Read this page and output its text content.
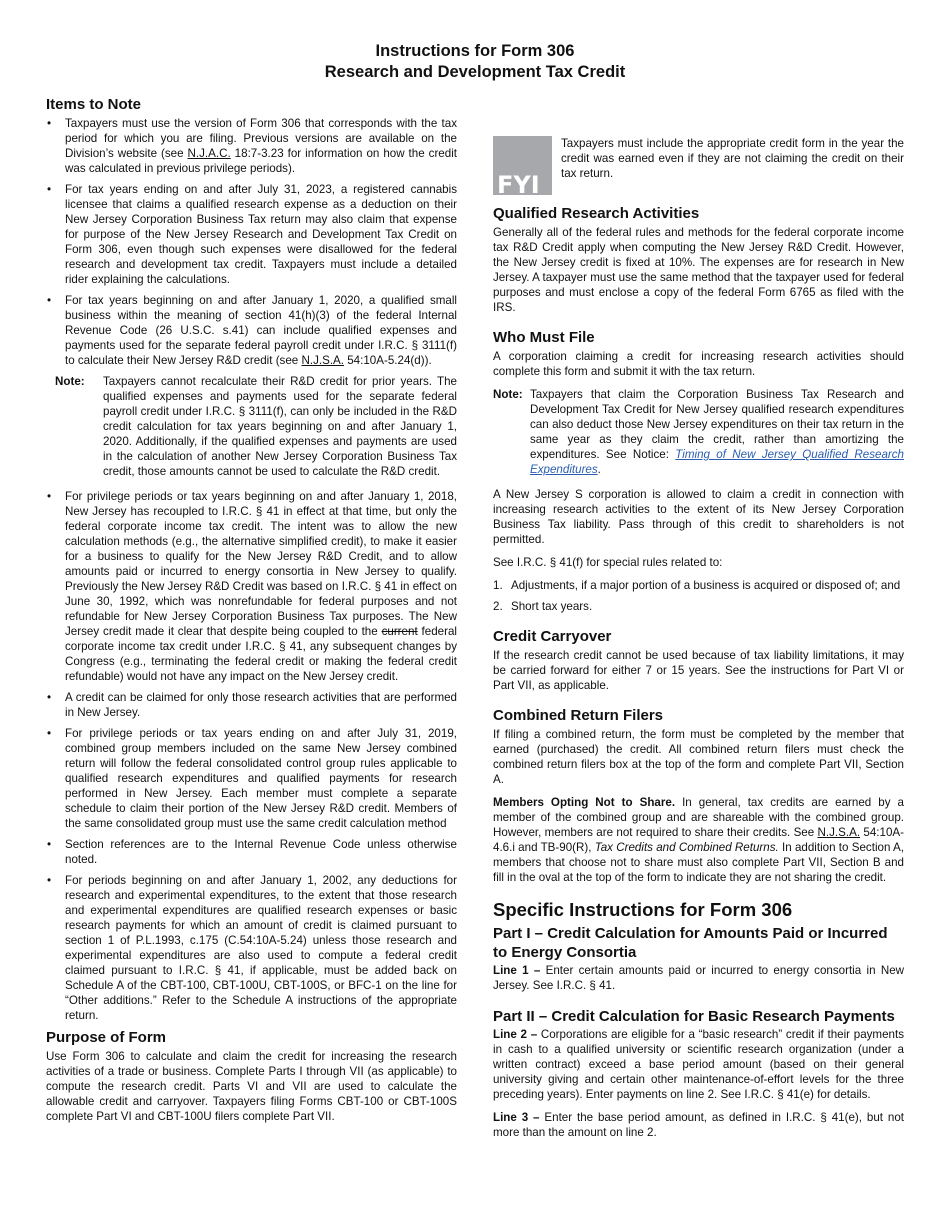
Instructions for Form 306
Research and Development Tax Credit
Items to Note
• Taxpayers must use the version of Form 306 that corresponds with the tax period for which you are filing. Previous versions are available on the Division’s website (see N.J.A.C. 18:7-3.23 for information on how the credit was calculated in previous privilege periods).
• For tax years ending on and after July 31, 2023, a registered cannabis licensee that claims a qualified research expense as a deduction on their New Jersey Corporation Business Tax return may also claim that expense for purpose of the New Jersey Research and Development Tax Credit on Form 306, even though such expenses were disallowed for the federal research and development tax credit. Taxpayers must include a detailed rider explaining the calculations.
• For tax years beginning on and after January 1, 2020, a qualified small business within the meaning of section 41(h)(3) of the federal Internal Revenue Code (26 U.S.C. s.41) can include qualified expenses and payments used for the separate federal payroll credit under I.R.C. § 3111(f) to calculate their New Jersey R&D credit (see N.J.S.A. 54:10A-5.24(d)).
Note:	Taxpayers cannot recalculate their R&D credit for prior years. The qualified expenses and payments used for the separate federal payroll credit under I.R.C. § 3111(f), can only be included in the R&D credit calculation for tax years beginning on and after January 1, 2020. Additionally, if the qualified expenses and payments are used in the calculation of another New Jersey Corporation Business Tax credit, those amounts cannot be used to calculate the R&D credit.
• For privilege periods or tax years beginning on and after January 1, 2018, New Jersey has recoupled to I.R.C. § 41 in effect at that time, but only the federal corporate income tax credit. The intent was to allow the new calculation methods (e.g., the alternative simplified credit), to make it easier for a business to qualify for the New Jersey R&D Credit, and to allow amounts paid or incurred to energy consortia in New Jersey to qualify. Previously the New Jersey R&D Credit was based on I.R.C. § 41 in effect on June 30, 1992, which was nonrefundable for federal purposes and not refundable for New Jersey Corporation Business Tax purposes. The New Jersey credit made it clear that despite being coupled to the current federal corporate income tax credit under I.R.C. § 41, any subsequent changes by Congress (e.g., terminating the federal credit or making the federal credit refundable) would not have any impact on the New Jersey credit.
• A credit can be claimed for only those research activities that are performed in New Jersey.
• For privilege periods or tax years ending on and after July 31, 2019, combined group members included on the same New Jersey combined return will follow the federal consolidated control group rules applicable to qualified research expenditures and qualified payments for research performed in New Jersey. Each member must complete a separate schedule to claim their portion of the New Jersey R&D credit. Members of the same consolidated group must use the same credit calculation method
• Section references are to the Internal Revenue Code unless otherwise noted.
• For periods beginning on and after January 1, 2002, any deductions for research and experimental expenditures, to the extent that those research and experimental expenditures are qualified research expenses or basic research payments for which an amount of credit is claimed pursuant to section 1 of P.L.1993, c.175 (C.54:10A-5.24) unless those research and experimental expenditures are also used to compute a federal credit claimed pursuant to I.R.C. § 41, if applicable, must be added back on Schedule A of the CBT-100, CBT-100U, CBT-100S, or BFC-1 on the line for “Other additions.” Refer to the Schedule A instructions of the appropriate return.
Purpose of Form

Use Form 306 to calculate and claim the credit for increasing the research activities of a trade or business. Complete Parts I through VII (as applicable) to compute the research credit. Parts VI and VII are used to calculate the allowable credit and carryover. Taxpayers filing Forms CBT-100 or CBT-100S complete Part VI and CBT-100U filers complete Part VII.

FYI
Taxpayers must include the appropriate credit form in the year the credit was earned even if they are not claiming the credit on their tax return.
Qualified Research Activities

Generally all of the federal rules and methods for the federal corporate income tax R&D Credit apply when computing the New Jersey R&D Credit. However, the New Jersey credit is fixed at 10%. The expenses are for research in New Jersey. A taxpayer must use the same method that the taxpayer used for federal purposes and must enclose a copy of the federal Form 6765 as filed with the IRS.

Who Must File

A corporation claiming a credit for increasing research activities should complete this form and submit it with the tax return.

Note: Taxpayers that claim the Corporation Business Tax Research and Development Tax Credit for New Jersey qualified research expenditures can also deduct those New Jersey expenditures on their tax return in the same year as they claim the credit, rather than amortizing the expenditures. See Notice: Timing of New Jersey Qualified Research Expenditures.

A New Jersey S corporation is allowed to claim a credit in connection with increasing research activities to the extent of its New Jersey Corporation Business Tax liability. Pass through of this credit to shareholders is not permitted.

See I.R.C. § 41(f) for special rules related to:

1. Adjustments, if a major portion of a business is acquired or disposed of; and
2. Short tax years.
Credit Carryover

If the research credit cannot be used because of tax liability limitations, it may be carried forward for either 7 or 15 years. See the instructions for Part VI or Part VII, as applicable.

Combined Return Filers

If filing a combined return, the form must be completed by the member that earned (purchased) the credit. All combined return filers must check the combined return filers box at the top of the form and complete Part VII, Section A.

Members Opting Not to Share. In general, tax credits are earned by a member of the combined group and are shareable with the combined group. However, members are not required to share their credits. See N.J.S.A. 54:10A-4.6.i and TB-90(R), Tax Credits and Combined Returns. In addition to Section A, members that choose not to share must also complete Part VII, Section B and fill in the oval at the top of the form to indicate they are not sharing the credit.

Specific Instructions for Form 306
Part I – Credit Calculation for Amounts Paid or Incurred to Energy Consortia

Line 1 – Enter certain amounts paid or incurred to energy consortia in New Jersey. See I.R.C. § 41.

Part II – Credit Calculation for Basic Research Payments

Line 2 – Corporations are eligible for a “basic research” credit if their payments in cash to a qualified university or scientific research organization (under a written contract) exceed a base period amount (based on their general university giving and certain other maintenance-of-effort levels for the three preceding years). Enter payments on line 2. See I.R.C. § 41(e) for details.

Line 3 – Enter the base period amount, as defined in I.R.C. § 41(e), but not more than the amount on line 2.
